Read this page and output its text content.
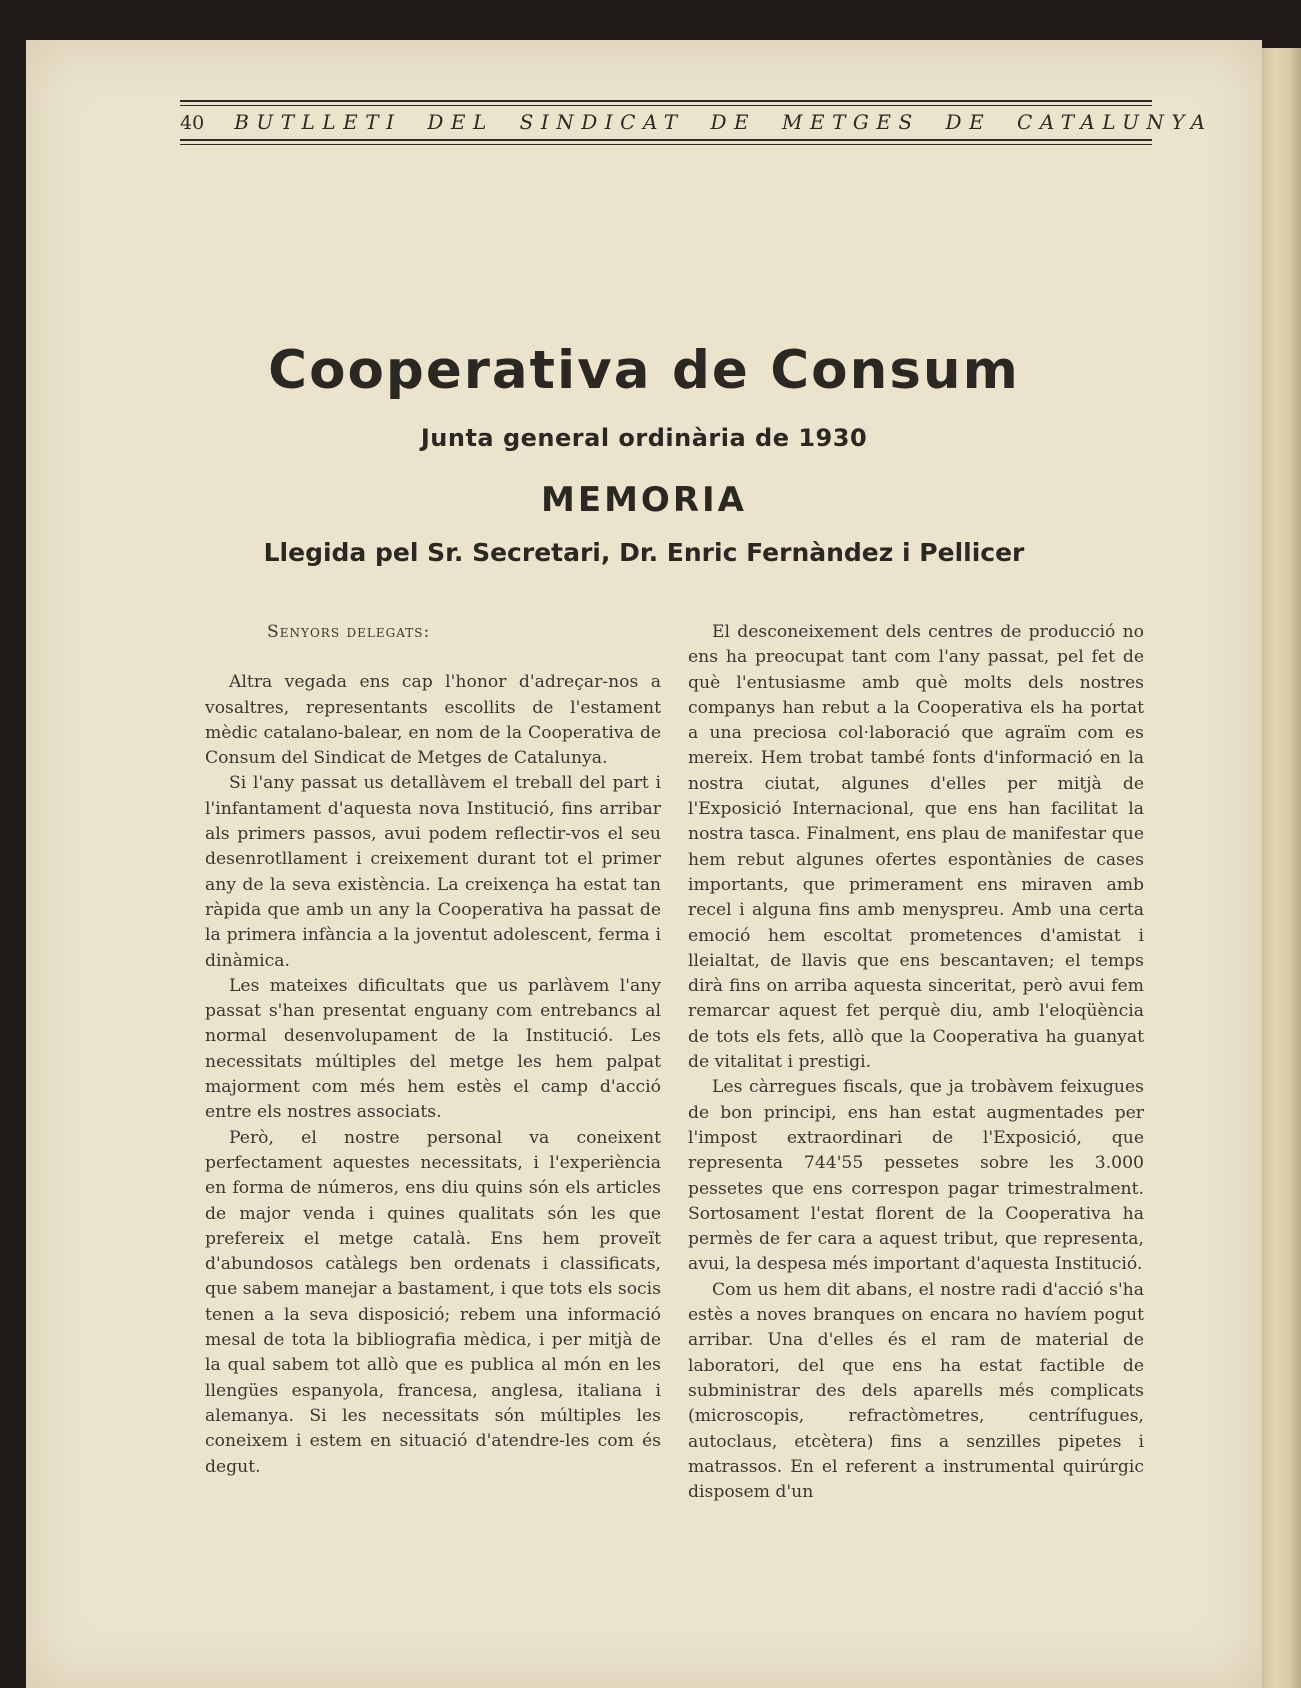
40 BUTLLETI DEL SINDICAT DE METGES DE CATALUNYA
Cooperativa de Consum
Junta general ordinària de 1930
MEMORIA
Llegida pel Sr. Secretari, Dr. Enric Fernàndez i Pellicer

Senyors delegats:

Altra vegada ens cap l'honor d'adreçar-nos a vosaltres, representants escollits de l'estament mèdic catalano-balear, en nom de la Cooperativa de Consum del Sindicat de Metges de Catalunya.

Si l'any passat us detallàvem el treball del part i l'infantament d'aquesta nova Institució, fins arribar als primers passos, avui podem reflectir-vos el seu desenrotllament i creixement durant tot el primer any de la seva existència. La creixença ha estat tan ràpida que amb un any la Cooperativa ha passat de la primera infància a la joventut adolescent, ferma i dinàmica.

Les mateixes dificultats que us parlàvem l'any passat s'han presentat enguany com entrebancs al normal desenvolupament de la Institució. Les necessitats múltiples del metge les hem palpat majorment com més hem estès el camp d'acció entre els nostres associats.

Però, el nostre personal va coneixent perfectament aquestes necessitats, i l'experiència en forma de números, ens diu quins són els articles de major venda i quines qualitats són les que prefereix el metge català. Ens hem proveït d'abundosos catàlegs ben ordenats i classificats, que sabem manejar a bastament, i que tots els socis tenen a la seva disposició; rebem una informació mesal de tota la bibliografia mèdica, i per mitjà de la qual sabem tot allò que es publica al món en les llengües espanyola, francesa, anglesa, italiana i alemanya. Si les necessitats són múltiples les coneixem i estem en situació d'atendre-les com és degut.

El desconeixement dels centres de producció no ens ha preocupat tant com l'any passat, pel fet de què l'entusiasme amb què molts dels nostres companys han rebut a la Cooperativa els ha portat a una preciosa col·laboració que agraïm com es mereix. Hem trobat també fonts d'informació en la nostra ciutat, algunes d'elles per mitjà de l'Exposició Internacional, que ens han facilitat la nostra tasca. Finalment, ens plau de manifestar que hem rebut algunes ofertes espontànies de cases importants, que primerament ens miraven amb recel i alguna fins amb menyspreu. Amb una certa emoció hem escoltat prometences d'amistat i lleialtat, de llavis que ens bescantaven; el temps dirà fins on arriba aquesta sinceritat, però avui fem remarcar aquest fet perquè diu, amb l'eloqüència de tots els fets, allò que la Cooperativa ha guanyat de vitalitat i prestigi.

Les càrregues fiscals, que ja trobàvem feixugues de bon principi, ens han estat augmentades per l'impost extraordinari de l'Exposició, que representa 744'55 pessetes sobre les 3.000 pessetes que ens correspon pagar trimestralment. Sortosament l'estat florent de la Cooperativa ha permès de fer cara a aquest tribut, que representa, avui, la despesa més important d'aquesta Institució.

Com us hem dit abans, el nostre radi d'acció s'ha estès a noves branques on encara no havíem pogut arribar. Una d'elles és el ram de material de laboratori, del que ens ha estat factible de subministrar des dels aparells més complicats (microscopis, refractòmetres, centrífugues, autoclaus, etcètera) fins a senzilles pipetes i matrassos. En el referent a instrumental quirúrgic disposem d'un
